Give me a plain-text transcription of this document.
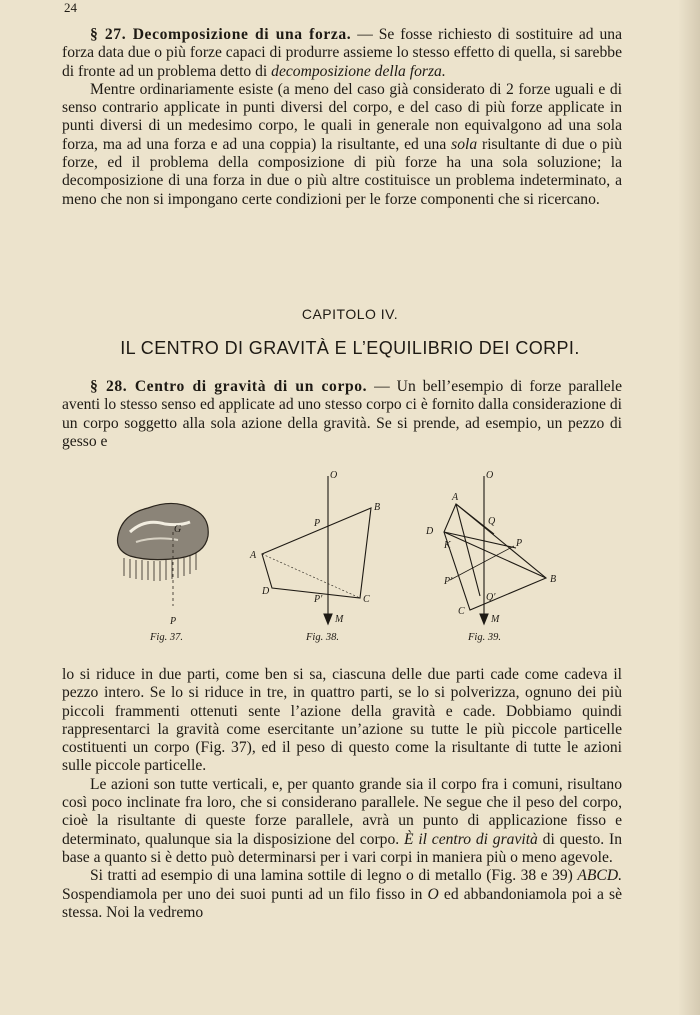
24

§ 27. Decomposizione di una forza. — Se fosse richiesto di sostituire ad una forza data due o più forze capaci di produrre assieme lo stesso effetto di quella, si sarebbe di fronte ad un problema detto di decomposizione della forza.

Mentre ordinariamente esiste (a meno del caso già considerato di 2 forze uguali e di senso contrario applicate in punti diversi del corpo, e del caso di più forze applicate in punti diversi di un medesimo corpo, le quali in generale non equivalgono ad una sola forza, ma ad una forza e ad una coppia) la risultante, ed una sola risultante di due o più forze, ed il problema della composizione di più forze ha una sola soluzione; la decomposizione di una forza in due o più altre costituisce un problema indeterminato, a meno che non si impongano certe condizioni per le forze componenti che si ricercano.

CAPITOLO IV.
IL CENTRO DI GRAVITÀ E L’EQUILIBRIO DEI CORPI.

§ 28. Centro di gravità di un corpo. — Un bell’esempio di forze parallele aventi lo stesso senso ed applicate ad uno stesso corpo ci è fornito dalla considerazione di un corpo soggetto alla sola azione della gravità. Se si prende, ad esempio, un pezzo di gesso e

G
P
Fig. 37.
O
A
B
C
D
P
P'
M
Fig. 38.
O
A
B
C
D
K
Q
Q'
P
P'
M
Fig. 39.

lo si riduce in due parti, come ben si sa, ciascuna delle due parti cade come cadeva il pezzo intero. Se lo si riduce in tre, in quattro parti, se lo si polverizza, ognuno dei più piccoli frammenti ottenuti sente l’azione della gravità e cade. Dobbiamo quindi rappresentarci la gravità come esercitante un’azione su tutte le più piccole particelle costituenti un corpo (Fig. 37), ed il peso di questo come la risultante di tutte le azioni sulle piccole particelle.

Le azioni son tutte verticali, e, per quanto grande sia il corpo fra i comuni, risultano così poco inclinate fra loro, che si considerano parallele. Ne segue che il peso del corpo, cioè la risultante di queste forze parallele, avrà un punto di applicazione fisso e determinato, qualunque sia la disposizione del corpo. È il centro di gravità di questo. In base a quanto si è detto può determinarsi per i vari corpi in maniera più o meno agevole.

Si tratti ad esempio di una lamina sottile di legno o di metallo (Fig. 38 e 39) ABCD. Sospendiamola per uno dei suoi punti ad un filo fisso in O ed abbandoniamola poi a sè stessa. Noi la vedremo
